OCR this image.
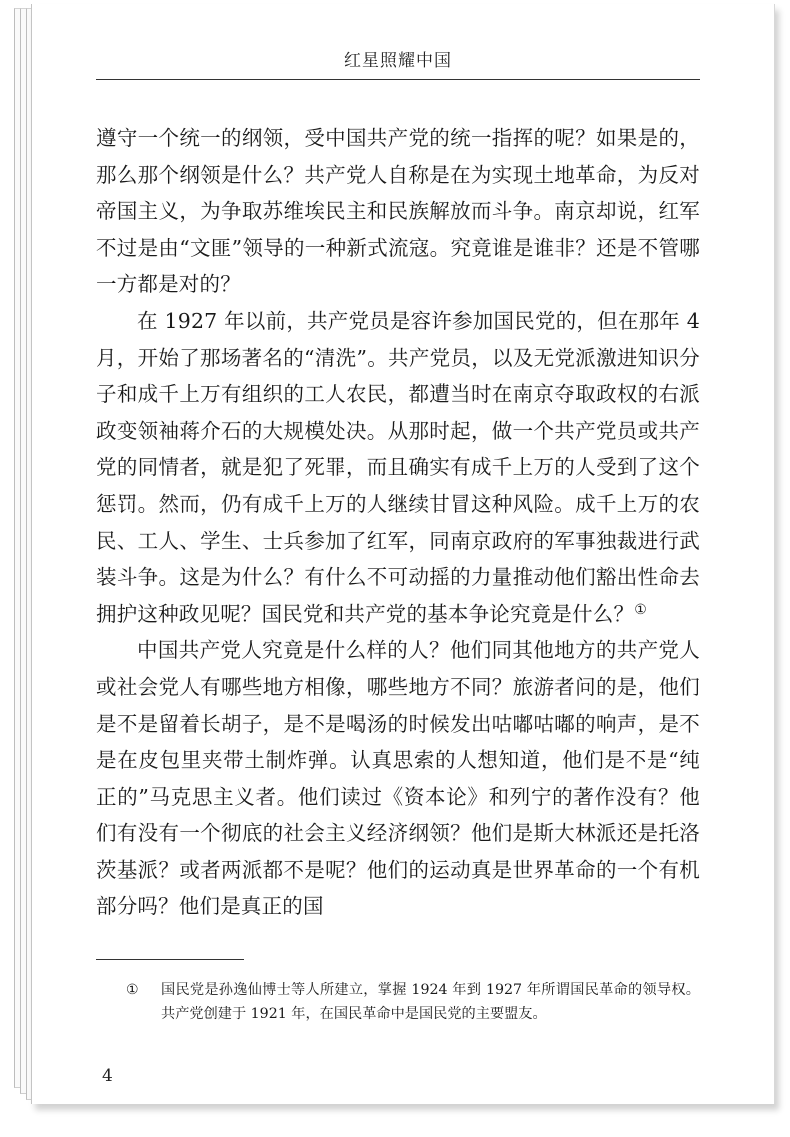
红星照耀中国

遵守一个统一的纲领，受中国共产党的统一指挥的呢？如果是的，那么那个纲领是什么？共产党人自称是在为实现土地革命，为反对帝国主义，为争取苏维埃民主和民族解放而斗争。南京却说，红军不过是由“文匪”领导的一种新式流寇。究竟谁是谁非？还是不管哪一方都是对的？

在 1927 年以前，共产党员是容许参加国民党的，但在那年 4 月，开始了那场著名的“清洗”。共产党员，以及无党派激进知识分子和成千上万有组织的工人农民，都遭当时在南京夺取政权的右派政变领袖蒋介石的大规模处决。从那时起，做一个共产党员或共产党的同情者，就是犯了死罪，而且确实有成千上万的人受到了这个惩罚。然而，仍有成千上万的人继续甘冒这种风险。成千上万的农民、工人、学生、士兵参加了红军，同南京政府的军事独裁进行武装斗争。这是为什么？有什么不可动摇的力量推动他们豁出性命去拥护这种政见呢？国民党和共产党的基本争论究竟是什么？①

中国共产党人究竟是什么样的人？他们同其他地方的共产党人或社会党人有哪些地方相像，哪些地方不同？旅游者问的是，他们是不是留着长胡子，是不是喝汤的时候发出咕嘟咕嘟的响声，是不是在皮包里夹带土制炸弹。认真思索的人想知道，他们是不是“纯正的”马克思主义者。他们读过《资本论》和列宁的著作没有？他们有没有一个彻底的社会主义经济纲领？他们是斯大林派还是托洛茨基派？或者两派都不是呢？他们的运动真是世界革命的一个有机部分吗？他们是真正的国

① 国民党是孙逸仙博士等人所建立，掌握 1924 年到 1927 年所谓国民革命的领导权。共产党创建于 1921 年，在国民革命中是国民党的主要盟友。
4
